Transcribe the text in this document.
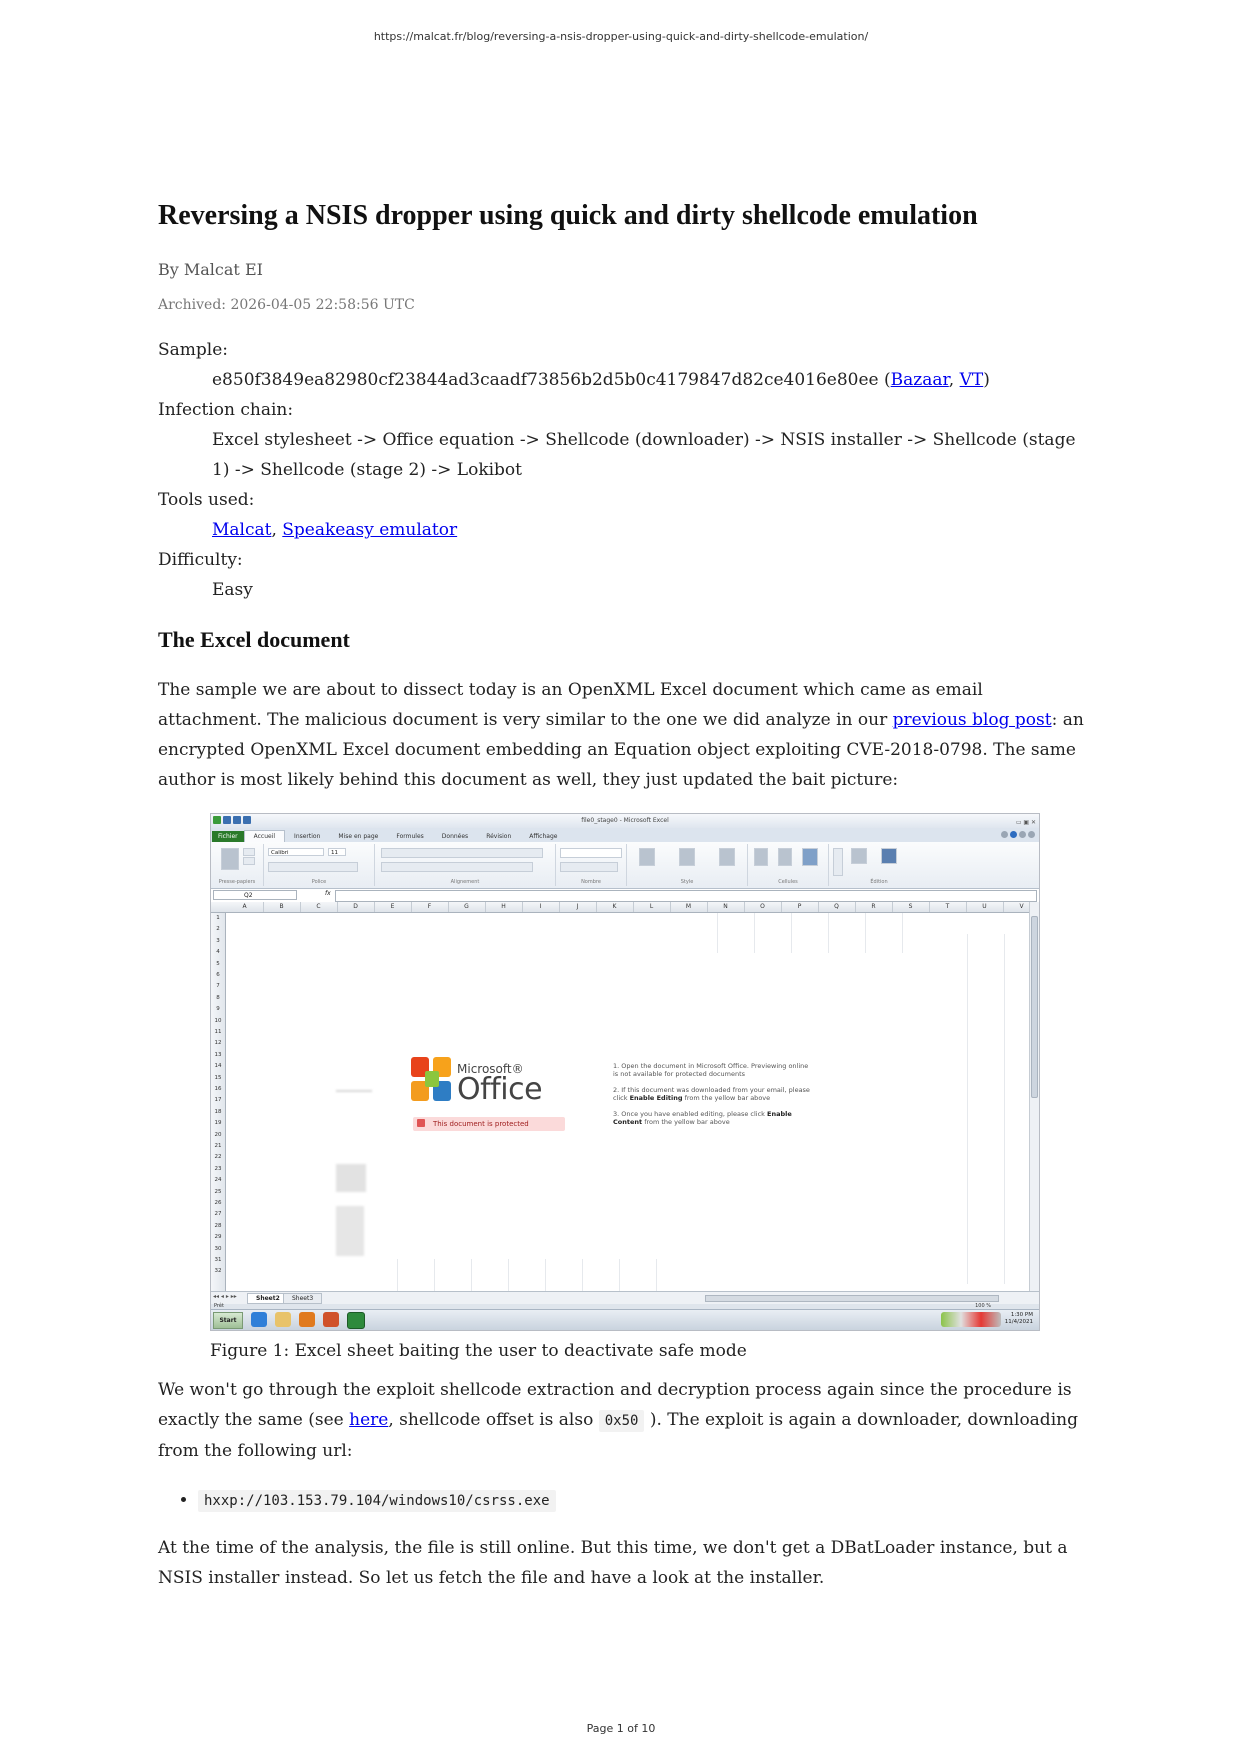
https://malcat.fr/blog/reversing-a-nsis-dropper-using-quick-and-dirty-shellcode-emulation/
Reversing a NSIS dropper using quick and dirty shellcode emulation
By Malcat EI
Archived: 2026-04-05 22:58:56 UTC
Sample:
e850f3849ea82980cf23844ad3caadf73856b2d5b0c4179847d82ce4016e80ee (Bazaar, VT)
Infection chain:
Excel stylesheet -> Office equation -> Shellcode (downloader) -> NSIS installer -> Shellcode (stage 1) -> Shellcode (stage 2) -> Lokibot
Tools used:
Malcat, Speakeasy emulator
Difficulty:
Easy
The Excel document

The sample we are about to dissect today is an OpenXML Excel document which came as email attachment. The malicious document is very similar to the one we did analyze in our previous blog post: an encrypted OpenXML Excel document embedding an Equation object exploiting CVE-2018-0798. The same author is most likely behind this document as well, they just updated the bait picture:

file0_stage0 - Microsoft Excel	▭ ▣ ✕
Fichier	Accueil	Insertion	Mise en page	Formules	Données	Révision	Affichage
Presse-papiers
Calibri	11
Police	Alignement	Nombre	Style	Cellules	Édition
Q2	fx
A	B	C	D	E	F	G	H	I	J	K	L	M	N	O	P	Q	R	S	T	U	V
1
2
3
4
5
6
7
8
9
10
11
12
13
14
15
16
17
18
19
20
21
22
23
24
25
26
27
28
29
30
31
32
Microsoft®
Office
This document is protected
1. Open the document in Microsoft Office. Previewing online is not available for protected documents
2. If this document was downloaded from your email, please click Enable Editing from the yellow bar above
3. Once you have enabled editing, please click Enable Content from the yellow bar above
◂◂ ◂ ▸ ▸▸	Sheet2	Sheet3
Prêt	100 %
Start
1:30 PM
11/4/2021
Figure 1: Excel sheet baiting the user to deactivate safe mode

We won't go through the exploit shellcode extraction and decryption process again since the procedure is exactly the same (see here, shellcode offset is also 0x50 ). The exploit is again a downloader, downloading from the following url:

• hxxp://103.153.79.104/windows10/csrss.exe

At the time of the analysis, the file is still online. But this time, we don't get a DBatLoader instance, but a NSIS installer instead. So let us fetch the file and have a look at the installer.

Page 1 of 10
